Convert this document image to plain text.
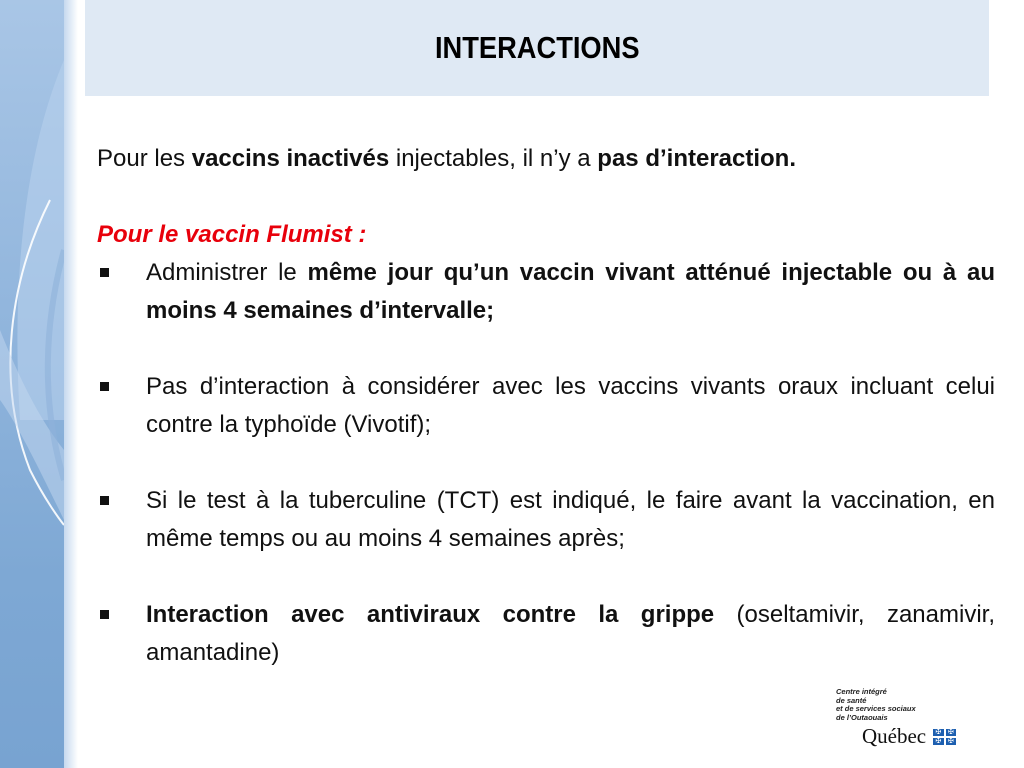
INTERACTIONS

Pour les vaccins inactivés injectables, il n’y a pas d’interaction.

Pour le vaccin Flumist :

Administrer le même jour qu’un vaccin vivant atténué injectable ou à au moins 4 semaines d’intervalle;
Pas d’interaction à considérer avec les vaccins vivants oraux incluant celui contre la typhoïde (Vivotif);
Si le test à la tuberculine (TCT) est indiqué, le faire avant la vaccination, en même temps ou au moins 4 semaines après;
Interaction avec antiviraux contre la grippe (oseltamivir, zanamivir, amantadine)
Centre intégré
de santé
et de services sociaux
de l’Outaouais
Québec	✠ ✠
✠ ✠
